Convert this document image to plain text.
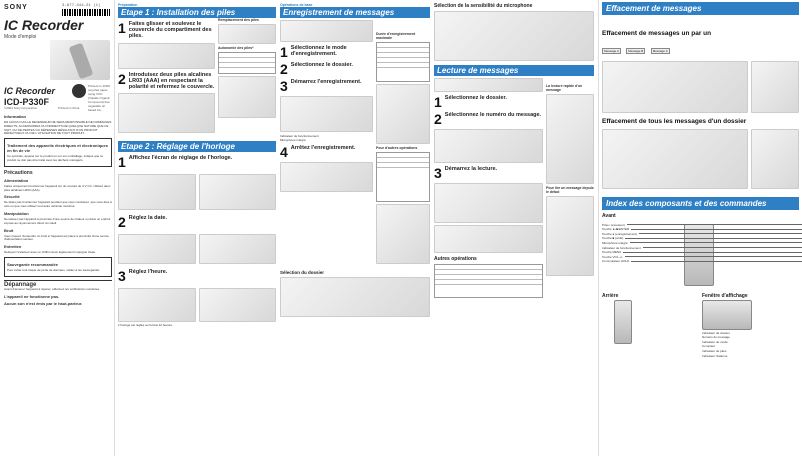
SONY	3-877-444-21 (1)
IC Recorder
Mode d'emploi
IC Recorder
ICD-P330F
Printed on 100% recycled paper using VOC (Volatile Organic Compound)-free vegetable oil based ink.
©2004 Sony Corporation	Printed in China
Information

EN AUCUN CAS LE REVENDEUR NE SERA RESPONSABLE DE DOMMAGES DIRECTS, ACCESSOIRES OU INDIRECTS DE QUELQUE NATURE QUE CE SOIT, OU DE PERTES OU DÉPENSES RÉSULTANT D'UN PRODUIT DÉFECTUEUX OU DE L'UTILISATION DE TOUT PRODUIT.

Traitement des appareils électriques et électroniques en fin de vie

Ce symbole, apposé sur le produit ou sur son emballage, indique que ce produit ne doit pas être traité avec les déchets ménagers.

Précautions
Alimentation

Faites uniquement fonctionner l'appareil sur du courant de 3 V CC. Utilisez deux piles alcalines LR03 (AAA).

Sécurité

Ne faites pas fonctionner l'appareil pendant que vous conduisez, que vous êtes à vélo ou que vous utilisez tout autre véhicule motorisé.

Manipulation

Ne laissez pas l'appareil à proximité d'une source de chaleur ou dans un endroit exposé au rayonnement direct du soleil.

Bruit

Vous risquez d'entendre un bruit si l'appareil est placé à proximité d'une source d'alimentation secteur.

Entretien

Nettoyez l'extérieur avec un chiffon doux légèrement imprégné d'eau.

Sauvegarde recommandée

Pour éviter tout risque de perte de données, veillez à les sauvegarder.

Dépannage

Avant d'amener l'appareil à réparer, effectuez les vérifications suivantes.

L'appareil ne fonctionne pas.
Aucun son n'est émis par le haut-parleur.
Préparation
Etape 1 : Installation des piles
1 Faites glisser et soulevez le couvercle du compartiment des piles.
2 Introduisez deux piles alcalines LR03 (AAA) en respectant la polarité et refermez le couvercle.
Remplacement des piles
Autonomie des piles*
Etape 2 : Réglage de l'horloge
1 Affichez l'écran de réglage de l'horloge.
2 Réglez la date.
3 Réglez l'heure.
L'horloge est réglée au format 12 heures.
Opérations de base
Enregistrement de messages
1 Sélectionnez le mode d'enregistrement.
2 Sélectionnez le dossier.
3 Démarrez l'enregistrement.
Indicateur de fonctionnement
Microphone intégré
4 Arrêtez l'enregistrement.
Durée d'enregistrement maximale
Pour d'autres opérations
Sélection du dossier
Sélection de la sensibilité du microphone
Lecture de messages
1 Sélectionnez le dossier.
2 Sélectionnez le numéro du message.
3 Démarrez la lecture.
Autres opérations
La lecture rapide d'un message
Pour lire un message depuis le début
Effacement de messages
Effacement de messages un par un
Message A	Message B	Message C
Effacement de tous les messages d'un dossier
Index des composants et des commandes
Avant
Prise i (écouteur)
Touche ►/■/ENTER
Touche ● (enregistrement)
Touche ■ (arrêt)
Microphone intégré
Indicateur de fonctionnement
Touche MENU
Touche VOL +/-
Commutateur HOLD
Arrière	Fenêtre d'affichage
Indicateur de dossier
Numéro du message
Indicateur de mode
Compteur
Indicateur de piles
Indicateur d'alarme
